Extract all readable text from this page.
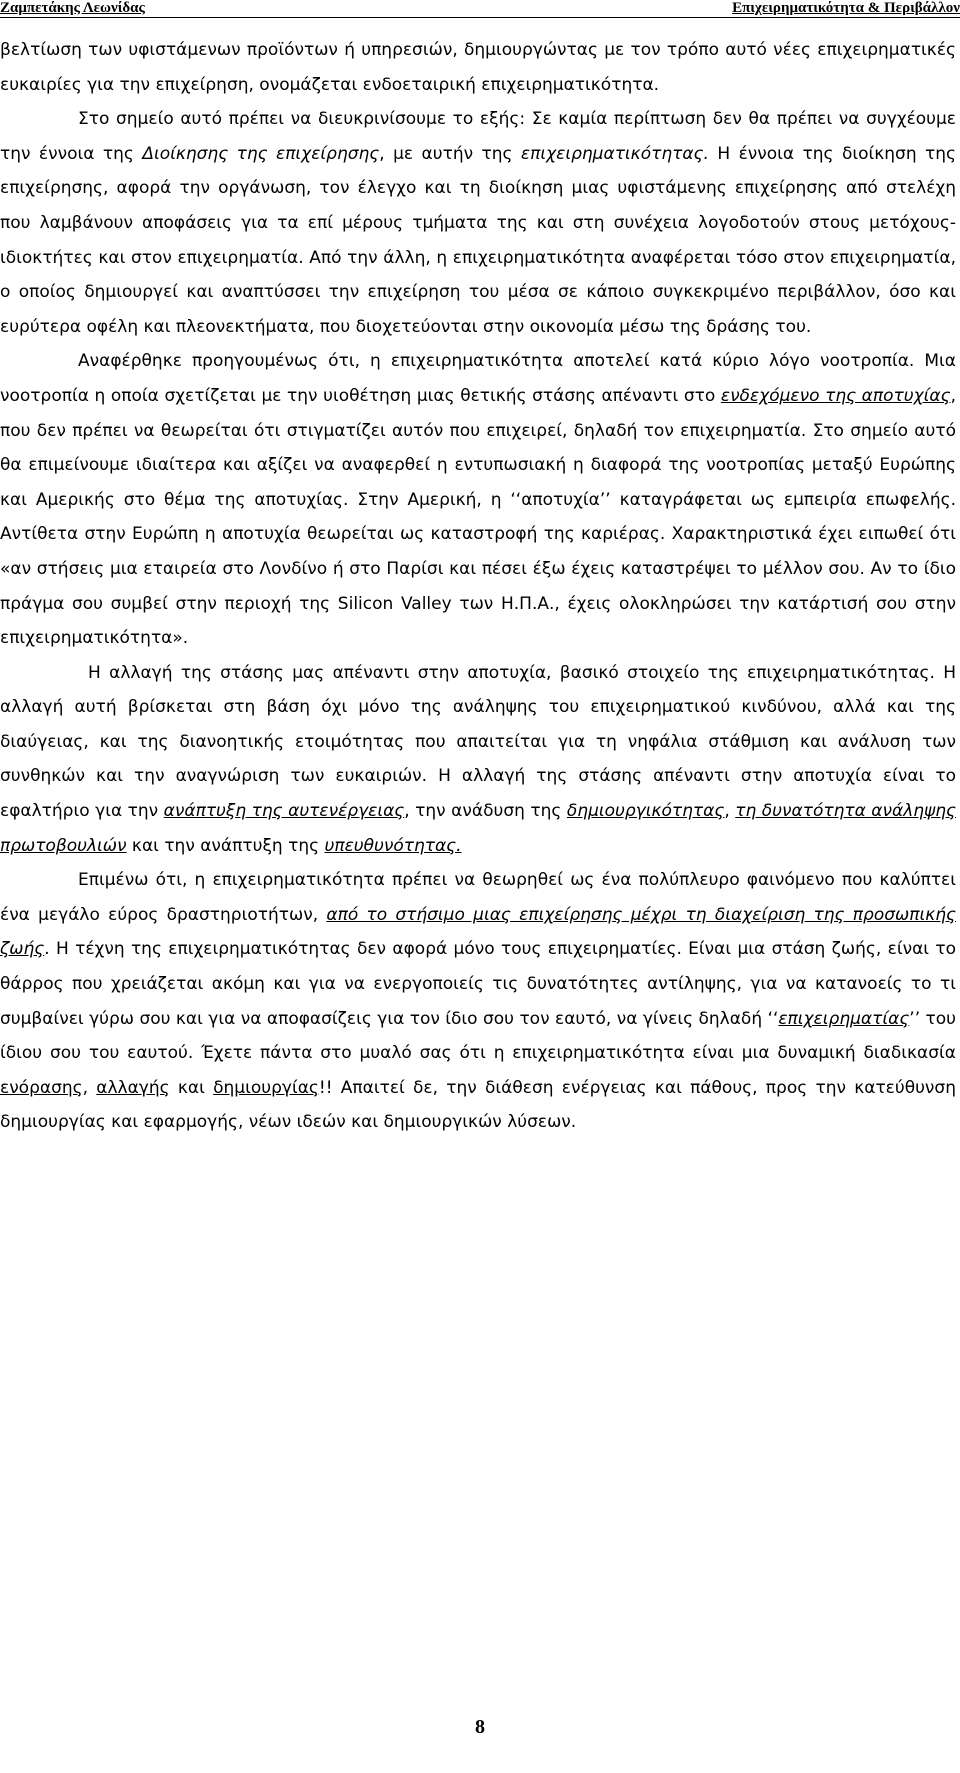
Ζαμπετάκης Λεωνίδας	Επιχειρηματικότητα & Περιβάλλον

βελτίωση των υφιστάμενων προϊόντων ή υπηρεσιών, δημιουργώντας με τον τρόπο αυτό νέες επιχειρηματικές ευκαιρίες για την επιχείρηση, ονομάζεται ενδοεταιρική επιχειρηματικότητα.

Στο σημείο αυτό πρέπει να διευκρινίσουμε το εξής: Σε καμία περίπτωση δεν θα πρέπει να συγχέουμε την έννοια της Διοίκησης της επιχείρησης, με αυτήν της επιχειρηματικότητας. Η έννοια της διοίκηση της επιχείρησης, αφορά την οργάνωση, τον έλεγχο και τη διοίκηση μιας υφιστάμενης επιχείρησης από στελέχη που λαμβάνουν αποφάσεις για τα επί μέρους τμήματα της και στη συνέχεια λογοδοτούν στους μετόχους-ιδιοκτήτες και στον επιχειρηματία. Από την άλλη, η επιχειρηματικότητα αναφέρεται τόσο στον επιχειρηματία, ο οποίος δημιουργεί και αναπτύσσει την επιχείρηση του μέσα σε κάποιο συγκεκριμένο περιβάλλον, όσο και ευρύτερα οφέλη και πλεονεκτήματα, που διοχετεύονται στην οικονομία μέσω της δράσης του.

Αναφέρθηκε προηγουμένως ότι, η επιχειρηματικότητα αποτελεί κατά κύριο λόγο νοοτροπία. Μια νοοτροπία η οποία σχετίζεται με την υιοθέτηση μιας θετικής στάσης απέναντι στο ενδεχόμενο της αποτυχίας, που δεν πρέπει να θεωρείται ότι στιγματίζει αυτόν που επιχειρεί, δηλαδή τον επιχειρηματία. Στο σημείο αυτό θα επιμείνουμε ιδιαίτερα και αξίζει να αναφερθεί η εντυπωσιακή η διαφορά της νοοτροπίας μεταξύ Ευρώπης και Αμερικής στο θέμα της αποτυχίας. Στην Αμερική, η ‘‘αποτυχία’’ καταγράφεται ως εμπειρία επωφελής. Αντίθετα στην Ευρώπη η αποτυχία θεωρείται ως καταστροφή της καριέρας. Χαρακτηριστικά έχει ειπωθεί ότι «αν στήσεις μια εταιρεία στο Λονδίνο ή στο Παρίσι και πέσει έξω έχεις καταστρέψει το μέλλον σου. Αν το ίδιο πράγμα σου συμβεί στην περιοχή της Silicon Valley των Η.Π.Α., έχεις ολοκληρώσει την κατάρτισή σου στην επιχειρηματικότητα».

Η αλλαγή της στάσης μας απέναντι στην αποτυχία, βασικό στοιχείο της επιχειρηματικότητας. Η αλλαγή αυτή βρίσκεται στη βάση όχι μόνο της ανάληψης του επιχειρηματικού κινδύνου, αλλά και της διαύγειας, και της διανοητικής ετοιμότητας που απαιτείται για τη νηφάλια στάθμιση και ανάλυση των συνθηκών και την αναγνώριση των ευκαιριών. Η αλλαγή της στάσης απέναντι στην αποτυχία είναι το εφαλτήριο για την ανάπτυξη της αυτενέργειας, την ανάδυση της δημιουργικότητας, τη δυνατότητα ανάληψης πρωτοβουλιών και την ανάπτυξη της υπευθυνότητας.

Επιμένω ότι, η επιχειρηματικότητα πρέπει να θεωρηθεί ως ένα πολύπλευρο φαινόμενο που καλύπτει ένα μεγάλο εύρος δραστηριοτήτων, από το στήσιμο μιας επιχείρησης μέχρι τη διαχείριση της προσωπικής ζωής. Η τέχνη της επιχειρηματικότητας δεν αφορά μόνο τους επιχειρηματίες. Είναι μια στάση ζωής, είναι το θάρρος που χρειάζεται ακόμη και για να ενεργοποιείς τις δυνατότητες αντίληψης, για να κατανοείς το τι συμβαίνει γύρω σου και για να αποφασίζεις για τον ίδιο σου τον εαυτό, να γίνεις δηλαδή ‘‘επιχειρηματίας’’ του ίδιου σου του εαυτού. Έχετε πάντα στο μυαλό σας ότι η επιχειρηματικότητα είναι μια δυναμική διαδικασία ενόρασης, αλλαγής και δημιουργίας!! Απαιτεί δε, την διάθεση ενέργειας και πάθους, προς την κατεύθυνση δημιουργίας και εφαρμογής, νέων ιδεών και δημιουργικών λύσεων.

8
